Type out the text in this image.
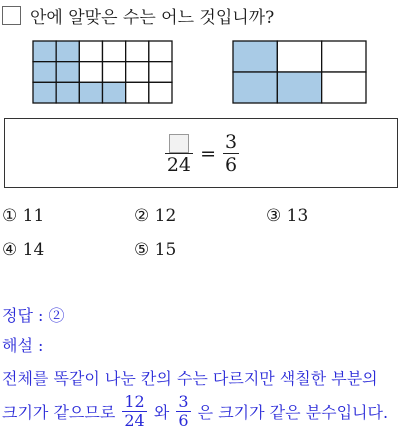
안에 알맞은 수는 어느 것입니까?
24
= $\frac{3}{6}$
① 11	② 12	③ 13
④ 14	⑤ 15
정답 : ②
해설 :
전체를 똑같이 나눈 칸의 수는 다르지만 색칠한 부분의
크기가 같으므로 $\frac{12}{24}$ 와 $\frac{3}{6}$ 은 크기가 같은 분수입니다.
